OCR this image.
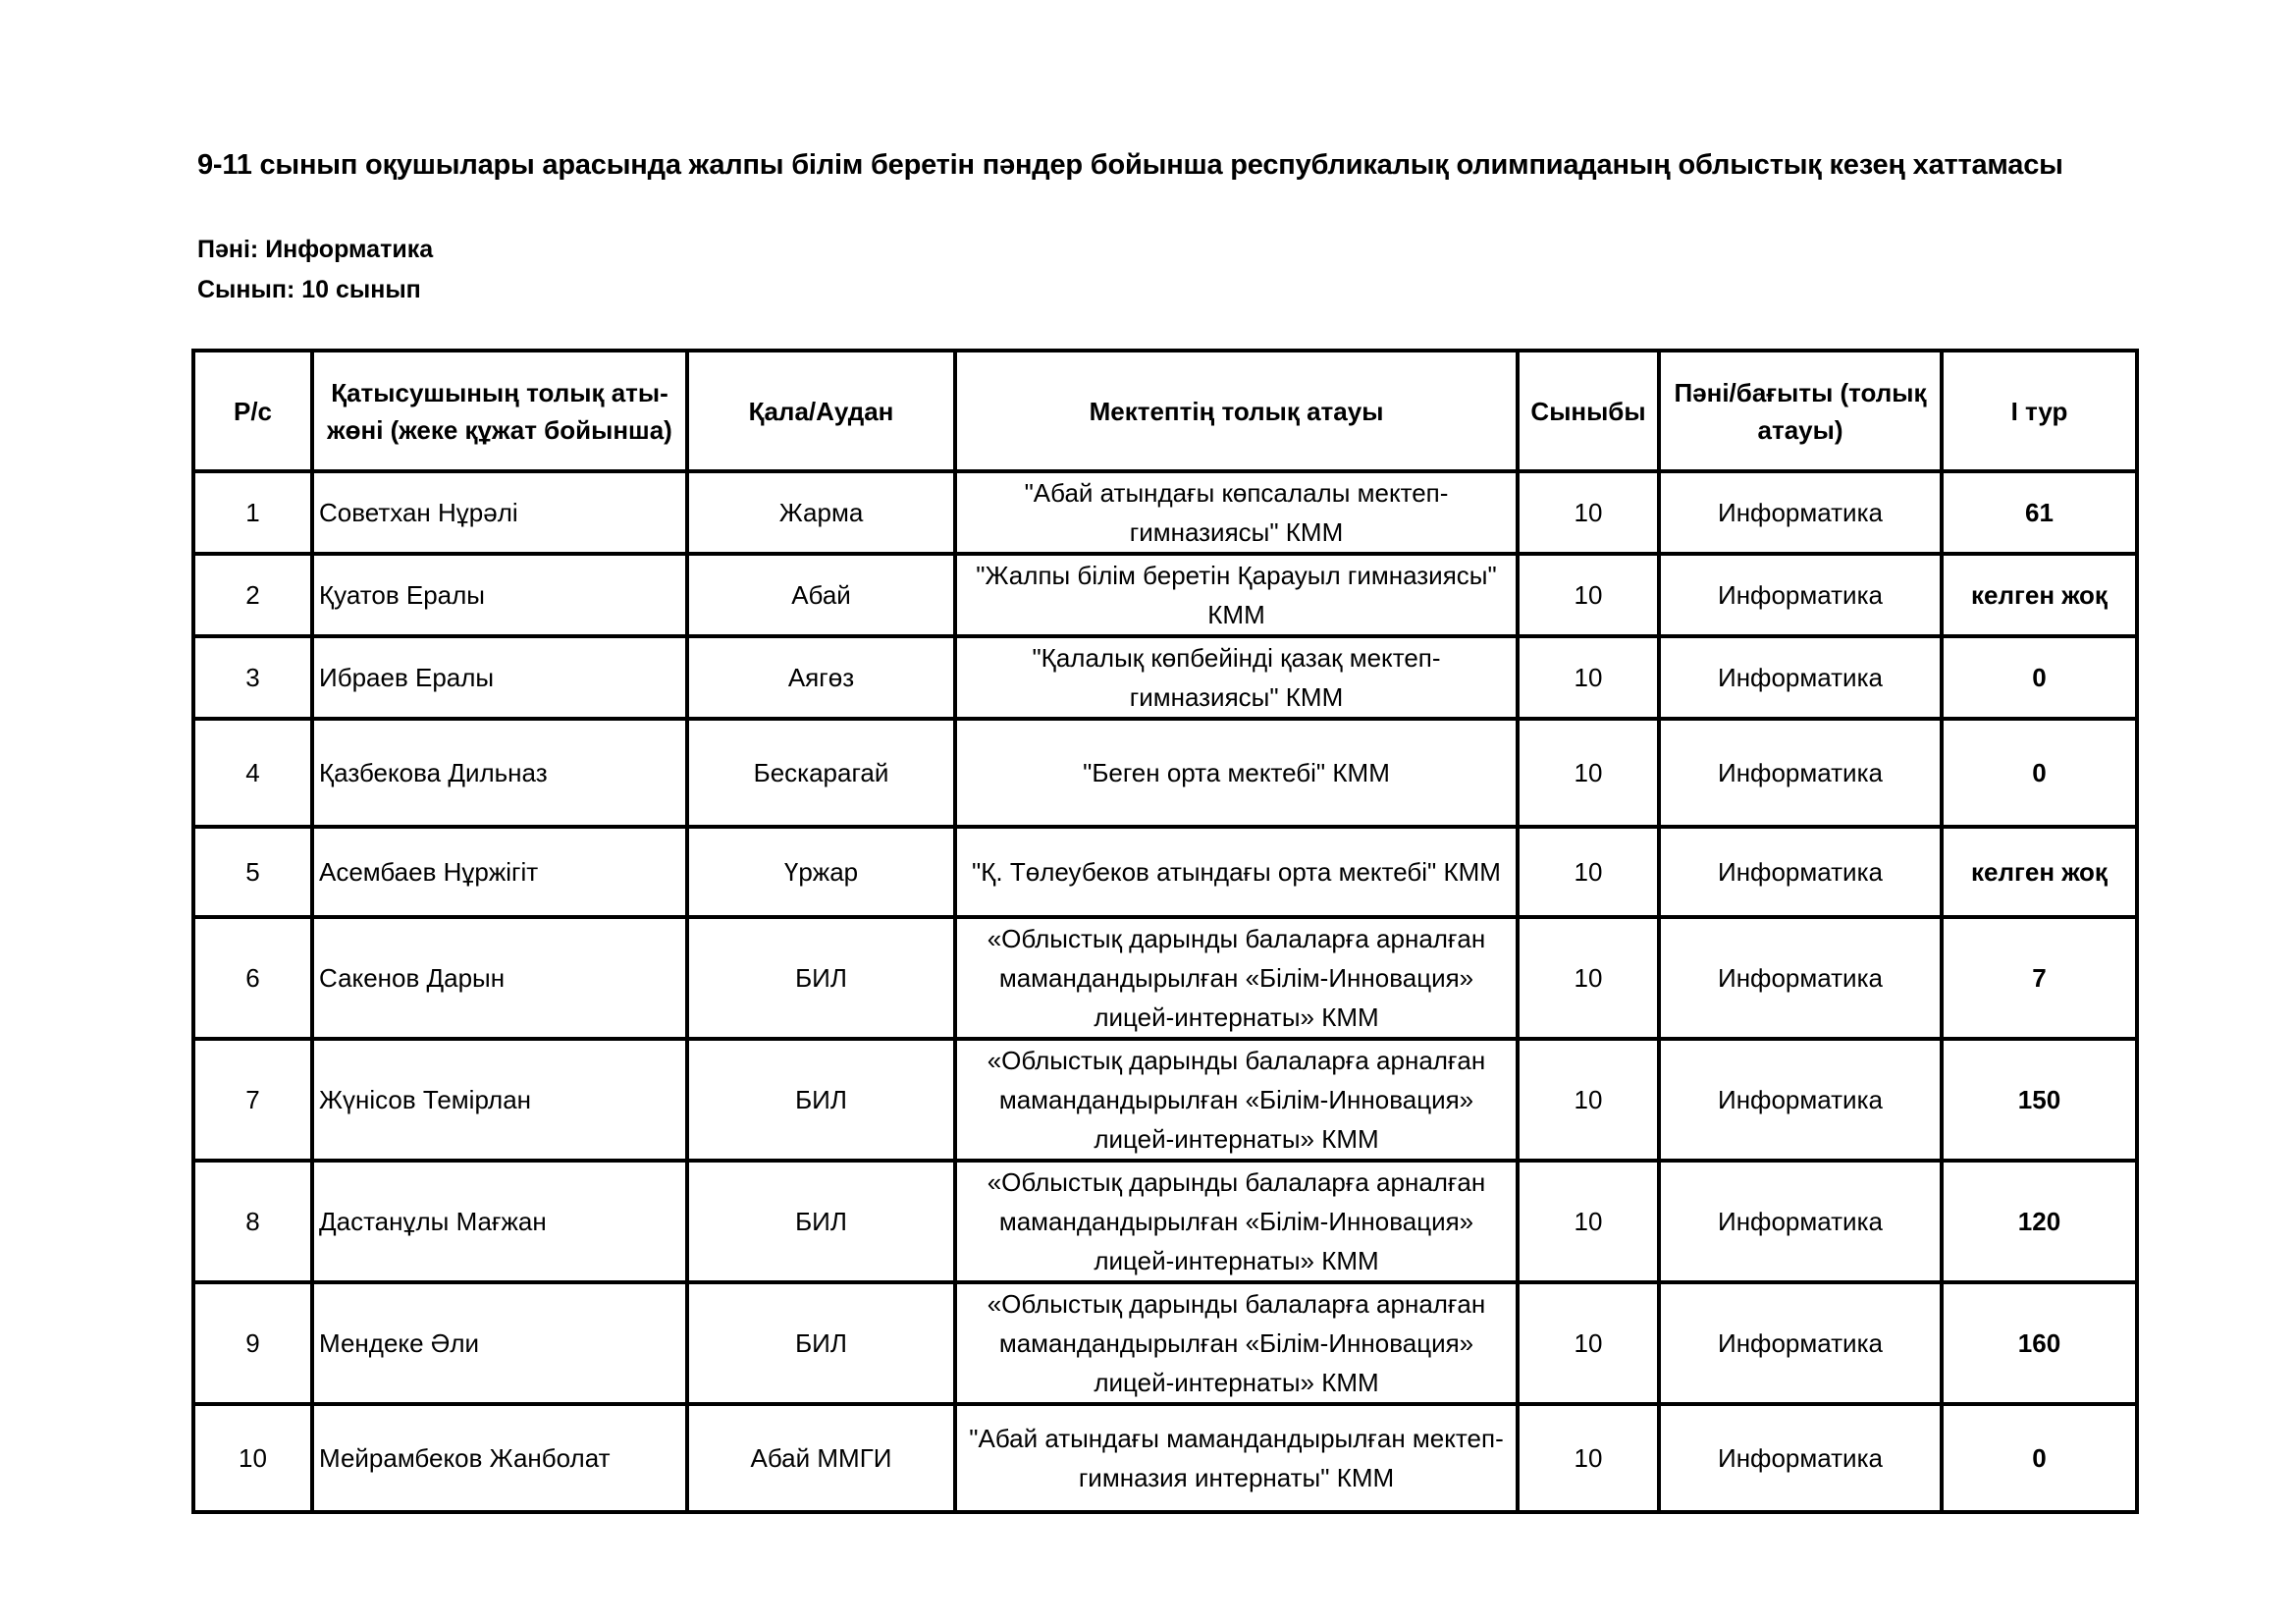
9-11 сынып оқушылары арасында жалпы білім беретін пәндер бойынша республикалық олимпиаданың облыстық кезең хаттамасы
Пәні: Информатика
Сынып: 10 сынып
Р/с	Қатысушының толық аты-жөні (жеке құжат бойынша)	Қала/Аудан	Мектептің толық атауы	Сыныбы	Пәні/бағыты (толық атауы)	І тур
1	Советхан Нұрәлі	Жарма	"Абай атындағы көпсалалы мектеп-гимназиясы" КММ	10	Информатика	61
2	Қуатов Ералы	Абай	"Жалпы білім беретін Қарауыл гимназиясы" КММ	10	Информатика	келген жоқ
3	Ибраев Ералы	Аягөз	"Қалалық көпбейінді қазақ мектеп-гимназиясы" КММ	10	Информатика	0
4	Қазбекова Дильназ	Бескарагай	"Беген орта мектебі" КММ	10	Информатика	0
5	Асембаев Нұржігіт	Үржар	"Қ. Төлеубеков атындағы орта мектебі" КММ	10	Информатика	келген жоқ
6	Сакенов Дарын	БИЛ	«Облыстық дарынды балаларға арналған мамандандырылған «Білім-Инновация» лицей-интернаты» КММ	10	Информатика	7
7	Жүнісов Темірлан	БИЛ	«Облыстық дарынды балаларға арналған мамандандырылған «Білім-Инновация» лицей-интернаты» КММ	10	Информатика	150
8	Дастанұлы Мағжан	БИЛ	«Облыстық дарынды балаларға арналған мамандандырылған «Білім-Инновация» лицей-интернаты» КММ	10	Информатика	120
9	Мендеке Әли	БИЛ	«Облыстық дарынды балаларға арналған мамандандырылған «Білім-Инновация» лицей-интернаты» КММ	10	Информатика	160
10	Мейрамбеков Жанболат	Абай ММГИ	"Абай атындағы мамандандырылған мектеп-гимназия интернаты" КММ	10	Информатика	0
